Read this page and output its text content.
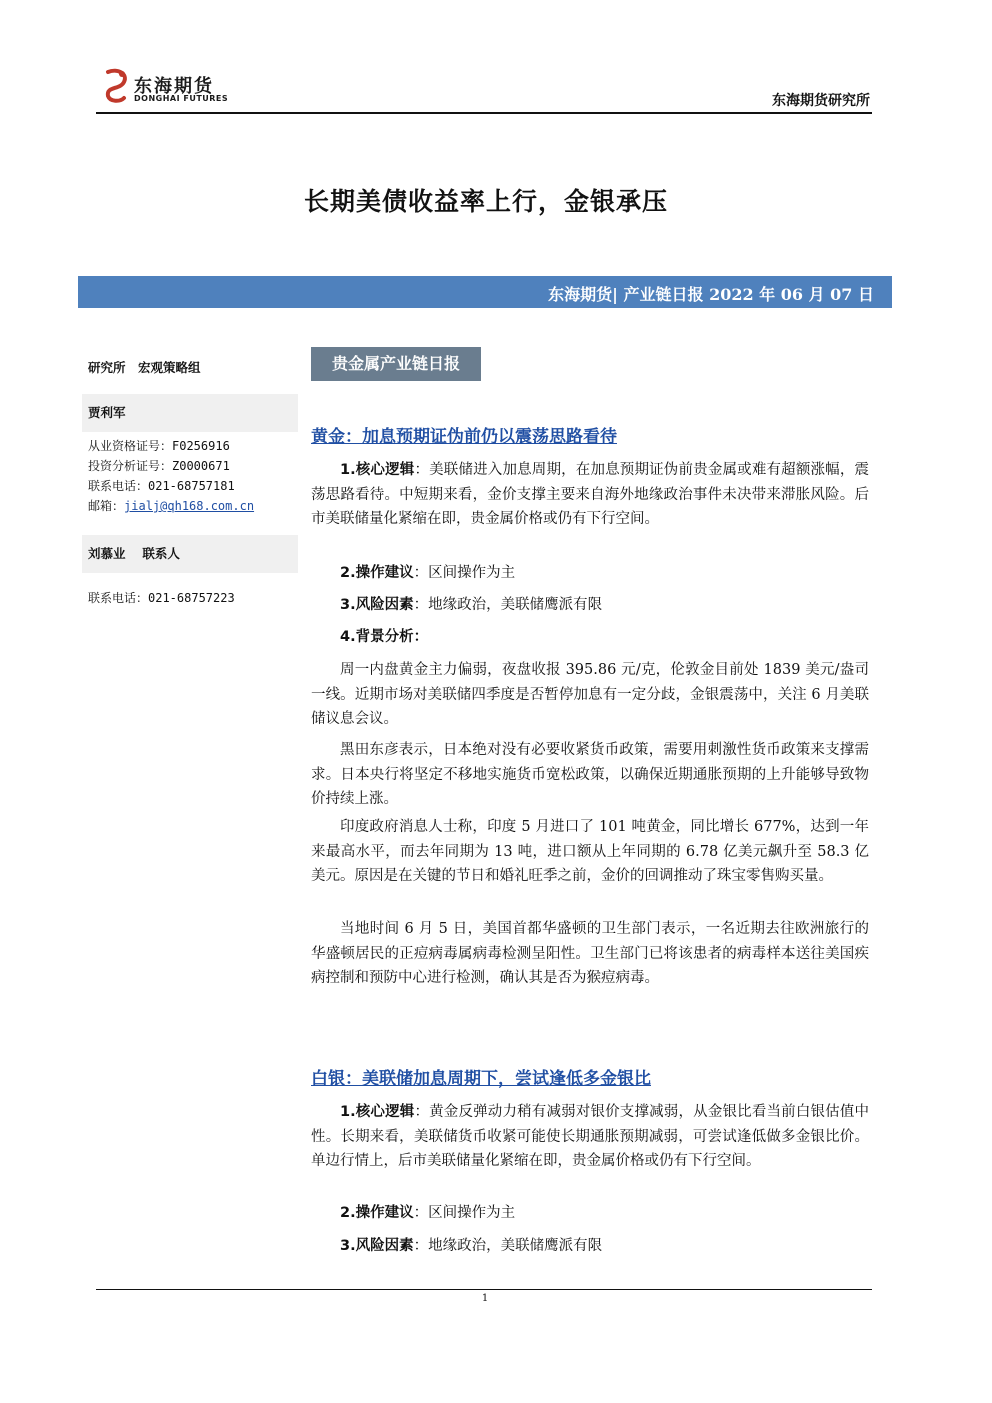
东海期货
DONGHAI FUTURES	东海期货研究所
长期美债收益率上行，金银承压
东海期货| 产业链日报 2022 年 06 月 07 日
研究所　宏观策略组
贾利军
从业资格证号：F0256916
投资分析证号：Z0000671
联系电话：021-68757181
邮箱：jialj@qh168.com.cn
刘慕业　 联系人
联系电话：021-68757223
贵金属产业链日报
黄金：加息预期证伪前仍以震荡思路看待
1.核心逻辑：美联储进入加息周期，在加息预期证伪前贵金属或难有超额涨幅，震荡思路看待。中短期来看，金价支撑主要来自海外地缘政治事件未决带来滞胀风险。后市美联储量化紧缩在即，贵金属价格或仍有下行空间。
2.操作建议：区间操作为主
3.风险因素：地缘政治，美联储鹰派有限
4.背景分析：
周一内盘黄金主力偏弱，夜盘收报 395.86 元/克，伦敦金目前处 1839 美元/盎司一线。近期市场对美联储四季度是否暂停加息有一定分歧，金银震荡中，关注 6 月美联储议息会议。
黑田东彦表示，日本绝对没有必要收紧货币政策，需要用刺激性货币政策来支撑需求。日本央行将坚定不移地实施货币宽松政策，以确保近期通胀预期的上升能够导致物价持续上涨。
印度政府消息人士称，印度 5 月进口了 101 吨黄金，同比增长 677%，达到一年来最高水平，而去年同期为 13 吨，进口额从上年同期的 6.78 亿美元飙升至 58.3 亿美元。原因是在关键的节日和婚礼旺季之前，金价的回调推动了珠宝零售购买量。
当地时间 6 月 5 日，美国首都华盛顿的卫生部门表示，一名近期去往欧洲旅行的华盛顿居民的正痘病毒属病毒检测呈阳性。卫生部门已将该患者的病毒样本送往美国疾病控制和预防中心进行检测，确认其是否为猴痘病毒。
白银：美联储加息周期下，尝试逢低多金银比
1.核心逻辑：黄金反弹动力稍有减弱对银价支撑减弱，从金银比看当前白银估值中性。长期来看，美联储货币收紧可能使长期通胀预期减弱，可尝试逢低做多金银比价。单边行情上，后市美联储量化紧缩在即，贵金属价格或仍有下行空间。
2.操作建议：区间操作为主
3.风险因素：地缘政治，美联储鹰派有限
1
